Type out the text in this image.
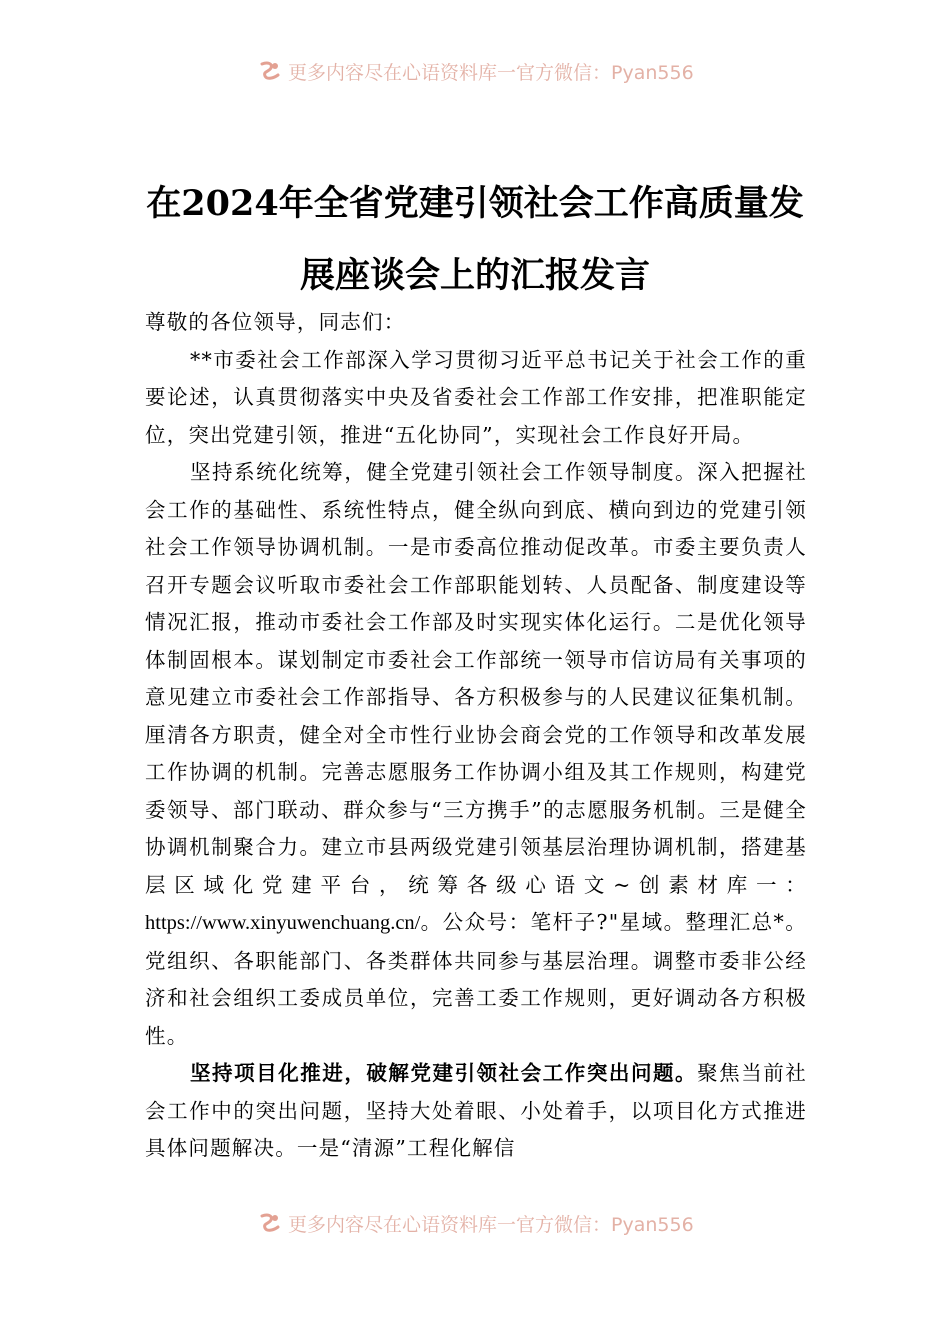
更多内容尽在心语资料库一官方微信：Pyan556
在2024年全省党建引领社会工作高质量发
展座谈会上的汇报发言

尊敬的各位领导，同志们：

**市委社会工作部深入学习贯彻习近平总书记关于社会工作的重要论述，认真贯彻落实中央及省委社会工作部工作安排，把准职能定位，突出党建引领，推进“五化协同”，实现社会工作良好开局。

坚持系统化统筹，健全党建引领社会工作领导制度。深入把握社会工作的基础性、系统性特点，健全纵向到底、横向到边的党建引领社会工作领导协调机制。一是市委高位推动促改革。市委主要负责人召开专题会议听取市委社会工作部职能划转、人员配备、制度建设等情况汇报，推动市委社会工作部及时实现实体化运行。二是优化领导体制固根本。谋划制定市委社会工作部统一领导市信访局有关事项的意见建立市委社会工作部指导、各方积极参与的人民建议征集机制。厘清各方职责，健全对全市性行业协会商会党的工作领导和改革发展工作协调的机制。完善志愿服务工作协调小组及其工作规则，构建党委领导、部门联动、群众参与“三方携手”的志愿服务机制。三是健全协调机制聚合力。建立市县两级党建引领基层治理协调机制，搭建基层区域化党建平台，统筹各级心语文~创素材库一：https://www.xinyuwenchuang.cn/。公众号：笔杆子?"星域。整理汇总*。党组织、各职能部门、各类群体共同参与基层治理。调整市委非公经济和社会组织工委成员单位，完善工委工作规则，更好调动各方积极性。

坚持项目化推进，破解党建引领社会工作突出问题。聚焦当前社会工作中的突出问题，坚持大处着眼、小处着手，以项目化方式推进具体问题解决。一是“清源”工程化解信

更多内容尽在心语资料库一官方微信：Pyan556
